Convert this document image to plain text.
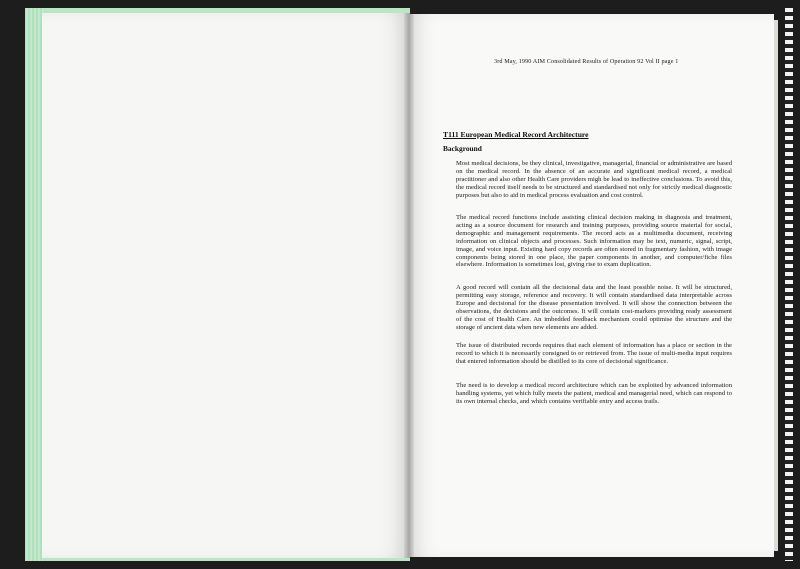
3rd May, 1990 AIM Consolidated Results of Operation 92 Vol II page 1
T111 European Medical Record Architecture
Background
Most medical decisions, be they clinical, investigative, managerial, financial or administrative are based on the medical record. In the absence of an accurate and significant medical record, a medical practitioner and also other Health Care providers migh be lead to ineffective conclusions. To avoid this, the medical record itself needs to be structured and standardised not only for strictly medical diagnostic purposes but also to aid in medical process evaluation and cost control.
The medical record functions include assisting clinical decision making in diagnosis and treatment, acting as a source document for research and training purposes, providing source material for social, demographic and management requirements. The record acts as a multimedia document, receiving information on clinical objects and processes. Such information may be text, numeric, signal, script, image, and voice input. Existing hard copy records are often stored in fragmentary fashion, with image components being stored in one place, the paper components in another, and computer/fiche files elsewhere. Information is sometimes lost, giving rise to exam duplication.
A good record will contain all the decisional data and the least possible noise. It will be structured, permitting easy storage, reference and recovery. It will contain standardised data interpretable across Europe and decisional for the disease presentation involved. It will show the connection between the observations, the decisions and the outcomes. It will contain cost-markers providing ready assessment of the cost of Health Care. An imbedded feedback mechanism could optimise the structure and the storage of ancient data when new elements are added.
The issue of distributed records requires that each element of information has a place or section in the record to which it is necessarily consigned to or retrieved from. The issue of multi-media input requires that entered information should be distilled to its core of decisional significance.
The need is to develop a medical record architecture which can be exploited by advanced information handling systems, yet which fully meets the patient, medical and managerial need, which can respond to its own internal checks, and which contains verifiable entry and access trails.
